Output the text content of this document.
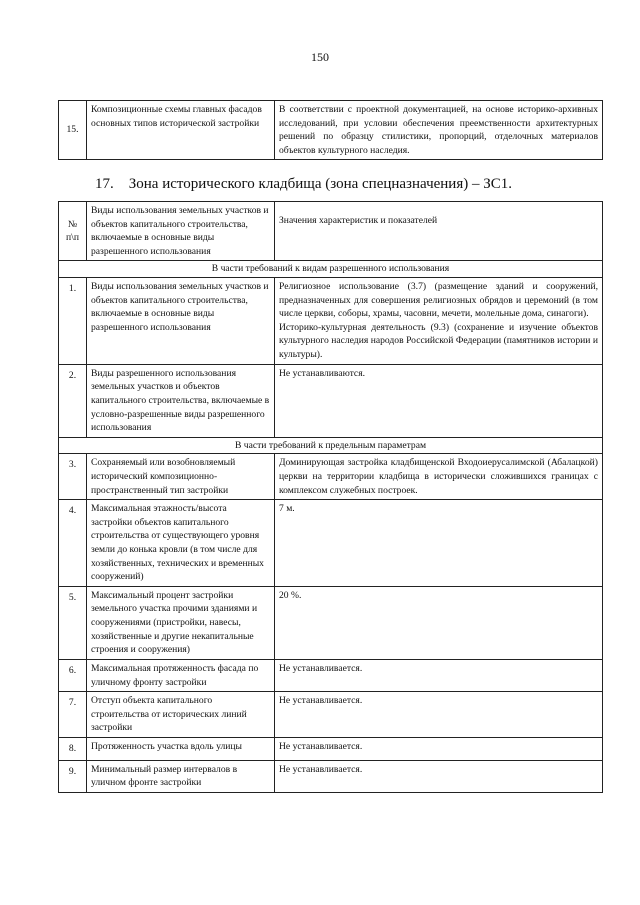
150
15.	Композиционные схемы главных фасадов основных типов исторической застройки	В соответствии с проектной документацией, на основе историко-архивных исследований, при условии обеспечения преемственности архитектурных решений по образцу стилистики, пропорций, отделочных материалов объектов культурного наследия.
17. Зона исторического кладбища (зона спецназначения) – ЗС1.
№ п\п	Виды использования земельных участков и объектов капитального строительства, включаемые в основные виды разрешенного использования	Значения характеристик и показателей
В части требований к видам разрешенного использования		
1.	Виды использования земельных участков и объектов капитального строительства, включаемые в основные виды разрешенного использования	Религиозное использование (3.7) (размещение зданий и сооружений, предназначенных для совершения религиозных обрядов и церемоний (в том числе церкви, соборы, храмы, часовни, мечети, молельные дома, синагоги).
Историко-культурная деятельность (9.3) (сохранение и изучение объектов культурного наследия народов Российской Федерации (памятников истории и культуры).

2.	Виды разрешенного использования земельных участков и объектов капитального строительства, включаемые в условно-разрешенные виды разрешенного использования	Не устанавливаются.
В части требований к предельным параметрам		
3.	Сохраняемый или возобновляемый исторический композиционно-пространственный тип застройки	Доминирующая застройка кладбищенской Входоиерусалимской (Абалацкой) церкви на территории кладбища в исторически сложившихся границах с комплексом служебных построек.
4.	Максимальная этажность/высота застройки объектов капитального строительства от существующего уровня земли до конька кровли (в том числе для хозяйственных, технических и временных сооружений)	7 м.
5.	Максимальный процент застройки земельного участка прочими зданиями и сооружениями (пристройки, навесы, хозяйственные и другие некапитальные строения и сооружения)	20 %.
6.	Максимальная протяженность фасада по уличному фронту застройки	Не устанавливается.
7.	Отступ объекта капитального строительства от исторических линий застройки	Не устанавливается.
8.	Протяженность участка вдоль улицы	Не устанавливается.
9.	Минимальный размер интервалов в уличном фронте застройки	Не устанавливается.
